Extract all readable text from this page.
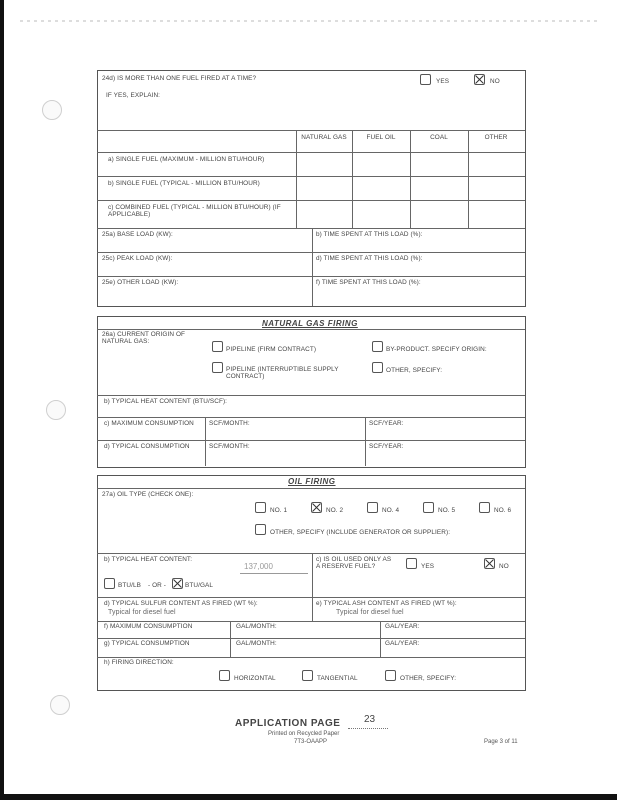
24d) IS MORE THAN ONE FUEL FIRED AT A TIME?	YES	NO
IF YES, EXPLAIN:
NATURAL GAS	FUEL OIL	COAL	OTHER
a) SINGLE FUEL (MAXIMUM - MILLION BTU/HOUR)
b) SINGLE FUEL (TYPICAL - MILLION BTU/HOUR)
c) COMBINED FUEL (TYPICAL - MILLION BTU/HOUR) (IF APPLICABLE)
25a) BASE LOAD (KW):	b) TIME SPENT AT THIS LOAD (%):
25c) PEAK LOAD (KW):	d) TIME SPENT AT THIS LOAD (%):
25e) OTHER LOAD (KW):	f) TIME SPENT AT THIS LOAD (%):
NATURAL GAS FIRING
26a) CURRENT ORIGIN OF NATURAL GAS:
PIPELINE (FIRM CONTRACT)	BY-PRODUCT. SPECIFY ORIGIN:
PIPELINE (INTERRUPTIBLE SUPPLY CONTRACT)
OTHER, SPECIFY:
b) TYPICAL HEAT CONTENT (BTU/SCF):
c) MAXIMUM CONSUMPTION	SCF/MONTH:	SCF/YEAR:
d) TYPICAL CONSUMPTION	SCF/MONTH:	SCF/YEAR:
OIL FIRING
27a) OIL TYPE (CHECK ONE):
NO. 1	NO. 2	NO. 4	NO. 5	NO. 6
OTHER, SPECIFY (INCLUDE GENERATOR OR SUPPLIER):
b) TYPICAL HEAT CONTENT:
137,000
BTU/LB - OR -	BTU/GAL
c) IS OIL USED ONLY AS A RESERVE FUEL?	YES	NO
d) TYPICAL SULFUR CONTENT AS FIRED (WT %):
Typical for diesel fuel
e) TYPICAL ASH CONTENT AS FIRED (WT %):
Typical for diesel fuel
f) MAXIMUM CONSUMPTION	GAL/MONTH:	GAL/YEAR:
g) TYPICAL CONSUMPTION	GAL/MONTH:	GAL/YEAR:
h) FIRING DIRECTION:
HORIZONTAL	TANGENTIAL	OTHER, SPECIFY:
APPLICATION PAGE 23
Printed on Recycled Paper
7T3-OAAPP	Page 3 of 11
